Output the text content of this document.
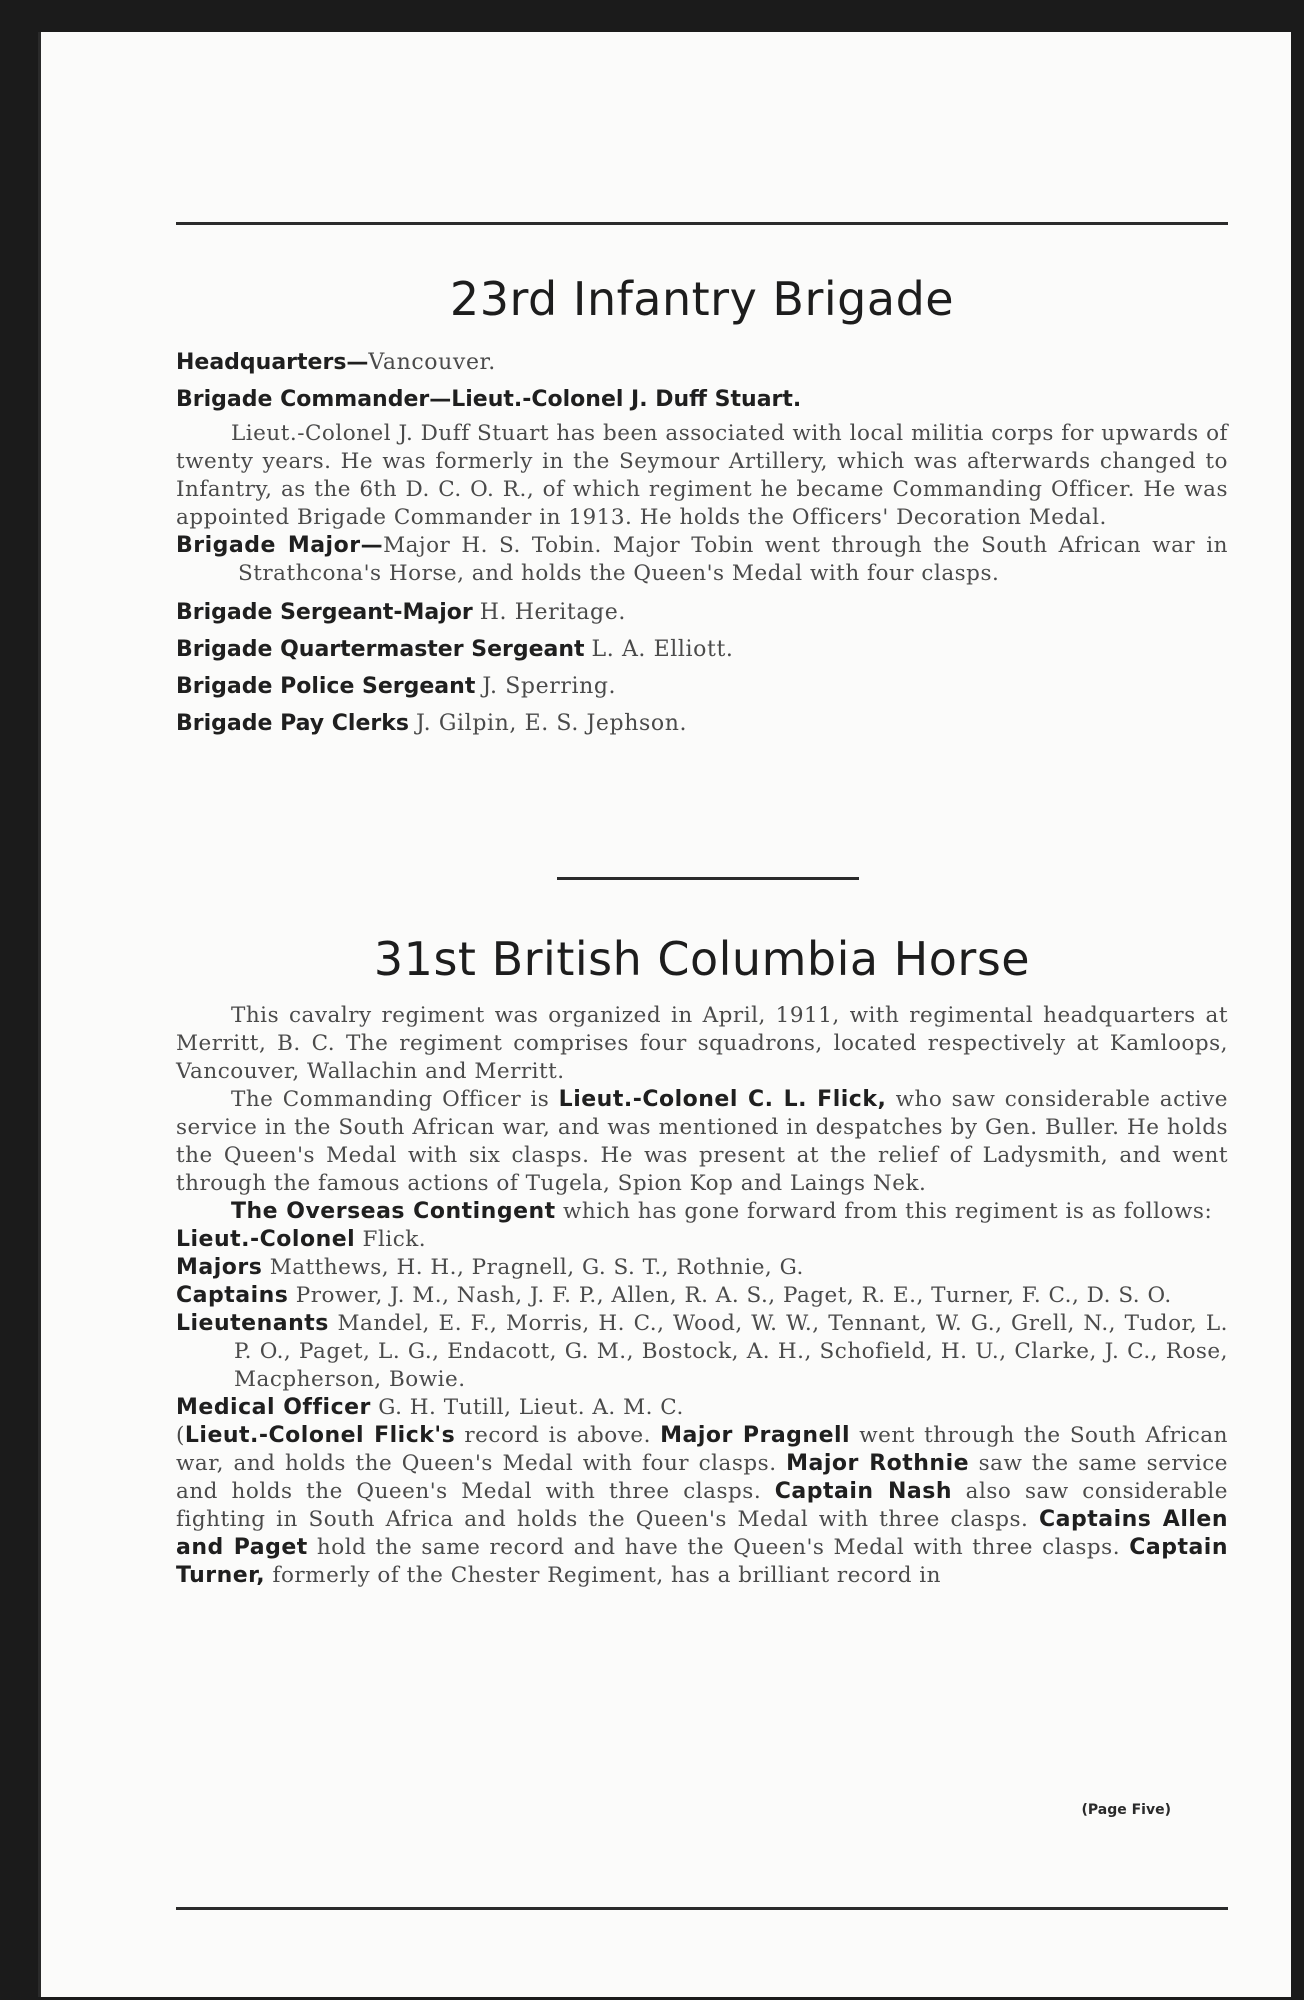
23rd Infantry Brigade
Headquarters—Vancouver.
Brigade Commander—Lieut.-Colonel J. Duff Stuart.

Lieut.-Colonel J. Duff Stuart has been associated with local militia corps for upwards of twenty years. He was formerly in the Seymour Artillery, which was afterwards changed to Infantry, as the 6th D. C. O. R., of which regiment he became Commanding Officer. He was appointed Brigade Commander in 1913. He holds the Officers' Decoration Medal.

Brigade Major—Major H. S. Tobin. Major Tobin went through the South African war in Strathcona's Horse, and holds the Queen's Medal with four clasps.

Brigade Sergeant-Major H. Heritage.
Brigade Quartermaster Sergeant L. A. Elliott.
Brigade Police Sergeant J. Sperring.
Brigade Pay Clerks J. Gilpin, E. S. Jephson.
31st British Columbia Horse

This cavalry regiment was organized in April, 1911, with regimental headquarters at Merritt, B. C. The regiment comprises four squadrons, located respectively at Kamloops, Vancouver, Wallachin and Merritt.

The Commanding Officer is Lieut.-Colonel C. L. Flick, who saw considerable active service in the South African war, and was mentioned in despatches by Gen. Buller. He holds the Queen's Medal with six clasps. He was present at the relief of Ladysmith, and went through the famous actions of Tugela, Spion Kop and Laings Nek.

The Overseas Contingent which has gone forward from this regiment is as follows:

Lieut.-Colonel Flick.

Majors Matthews, H. H., Pragnell, G. S. T., Rothnie, G.

Captains Prower, J. M., Nash, J. F. P., Allen, R. A. S., Paget, R. E., Turner, F. C., D. S. O.

Lieutenants Mandel, E. F., Morris, H. C., Wood, W. W., Tennant, W. G., Grell, N., Tudor, L. P. O., Paget, L. G., Endacott, G. M., Bostock, A. H., Schofield, H. U., Clarke, J. C., Rose, Macpherson, Bowie.

Medical Officer G. H. Tutill, Lieut. A. M. C.

(Lieut.-Colonel Flick's record is above. Major Pragnell went through the South African war, and holds the Queen's Medal with four clasps. Major Rothnie saw the same service and holds the Queen's Medal with three clasps. Captain Nash also saw considerable fighting in South Africa and holds the Queen's Medal with three clasps. Captains Allen and Paget hold the same record and have the Queen's Medal with three clasps. Captain Turner, formerly of the Chester Regiment, has a brilliant record in

(Page Five)
